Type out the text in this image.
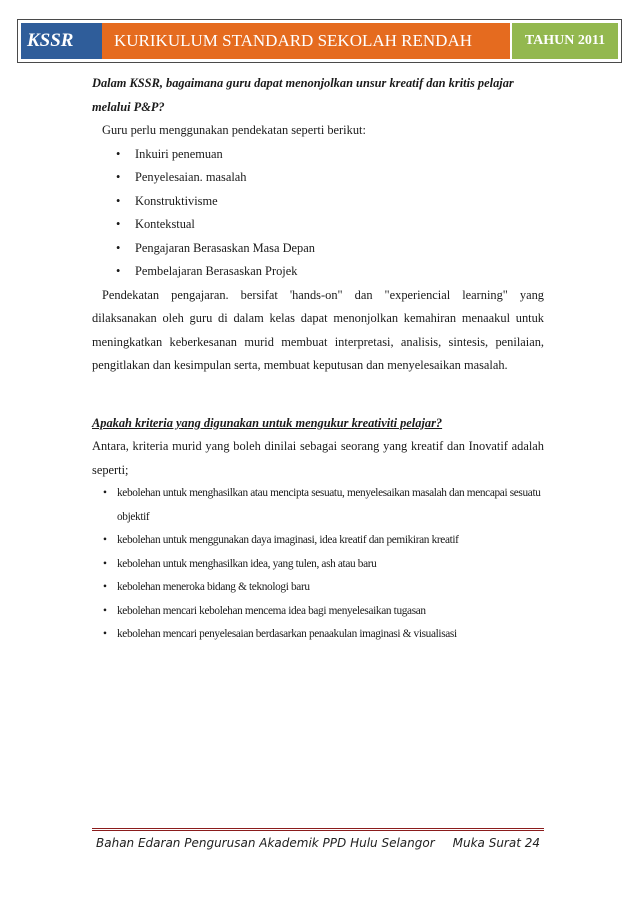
KSSR	KURIKULUM STANDARD SEKOLAH RENDAH	TAHUN 2011

Dalam KSSR, bagaimana guru dapat menonjolkan unsur kreatif dan kritis pelajar
melalui P&P?

Guru perlu menggunakan pendekatan seperti berikut:

• Inkuiri penemuan
• Penyelesaian. masalah
• Konstruktivisme
• Kontekstual
• Pengajaran Berasaskan Masa Depan
• Pembelajaran Berasaskan Projek

Pendekatan pengajaran. bersifat 'hands-on" dan "experiencial learning" yang dilaksanakan oleh guru di dalam kelas dapat menonjolkan kemahiran menaakul untuk meningkatkan keberkesanan murid membuat interpretasi, analisis, sintesis, penilaian, pengitlakan dan kesimpulan serta, membuat keputusan dan menyelesaikan masalah.

Apakah kriteria yang digunakan untuk mengukur kreativiti pelajar?

Antara, kriteria murid yang boleh dinilai sebagai seorang yang kreatif dan Inovatif adalah seperti;

• kebolehan untuk menghasilkan atau mencipta sesuatu, menyelesaikan masalah dan mencapai sesuatu objektif
• kebolehan untuk menggunakan daya imaginasi, idea kreatif dan pemikiran kreatif
• kebolehan untuk menghasilkan idea, yang tulen, ash atau baru
• kebolehan meneroka bidang & teknologi baru
• kebolehan mencari kebolehan mencema idea bagi menyelesaikan tugasan
• kebolehan mencari penyelesaian berdasarkan penaakulan imaginasi & visualisasi
Bahan Edaran Pengurusan Akademik PPD Hulu Selangor Muka Surat 24
